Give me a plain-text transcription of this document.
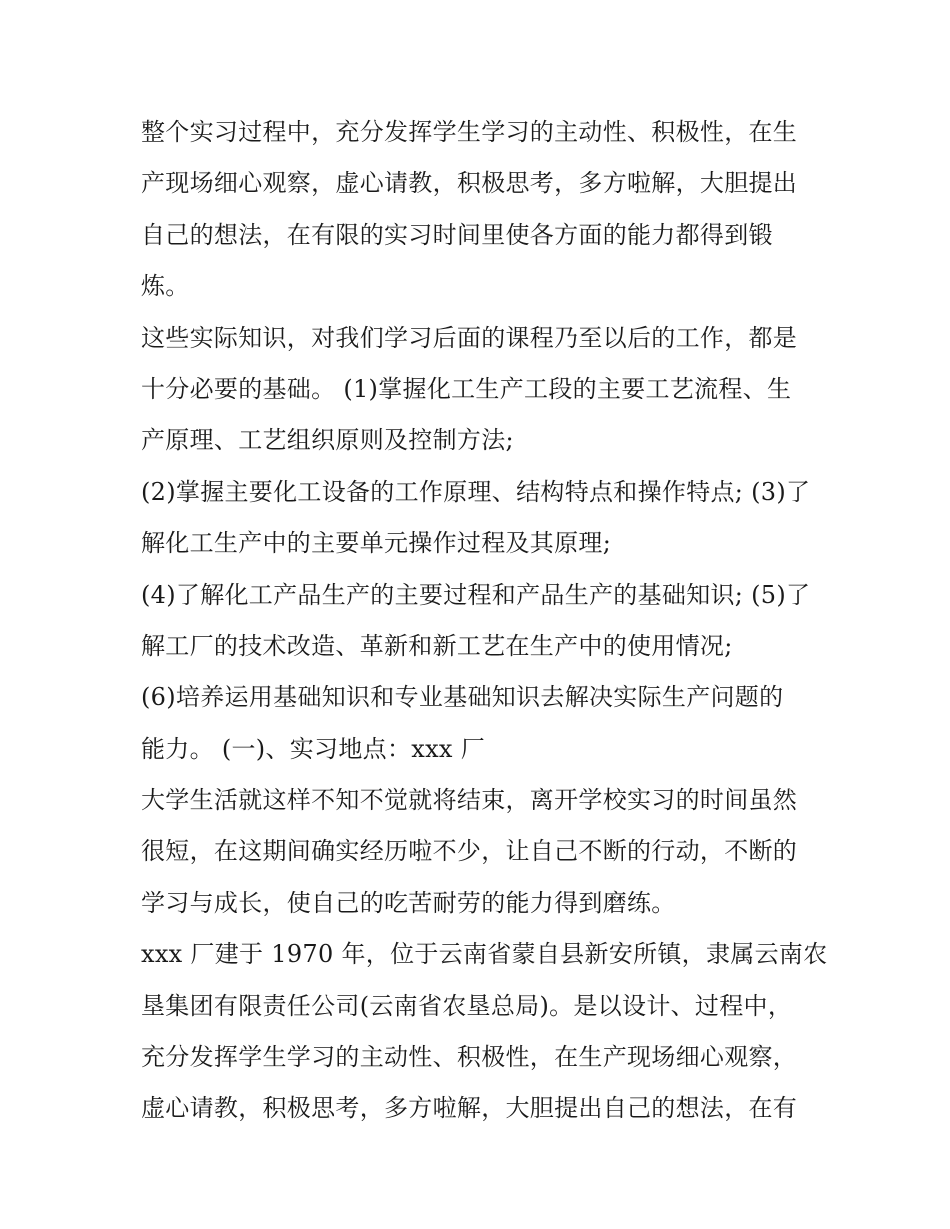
整个实习过程中，充分发挥学生学习的主动性、积极性，在生
产现场细心观察，虚心请教，积极思考，多方啦解，大胆提出
自己的想法，在有限的实习时间里使各方面的能力都得到锻
炼。
这些实际知识，对我们学习后面的课程乃至以后的工作，都是
十分必要的基础。 (1)掌握化工生产工段的主要工艺流程、生
产原理、工艺组织原则及控制方法;
(2)掌握主要化工设备的工作原理、结构特点和操作特点; (3)了
解化工生产中的主要单元操作过程及其原理;
(4)了解化工产品生产的主要过程和产品生产的基础知识; (5)了
解工厂的技术改造、革新和新工艺在生产中的使用情况;
(6)培养运用基础知识和专业基础知识去解决实际生产问题的
能力。 (一)、实习地点：xxx 厂
大学生活就这样不知不觉就将结束，离开学校实习的时间虽然
很短，在这期间确实经历啦不少，让自己不断的行动，不断的
学习与成长，使自己的吃苦耐劳的能力得到磨练。
xxx 厂建于 1970 年，位于云南省蒙自县新安所镇，隶属云南农
垦集团有限责任公司(云南省农垦总局)。是以设计、过程中，
充分发挥学生学习的主动性、积极性，在生产现场细心观察，
虚心请教，积极思考，多方啦解，大胆提出自己的想法，在有
